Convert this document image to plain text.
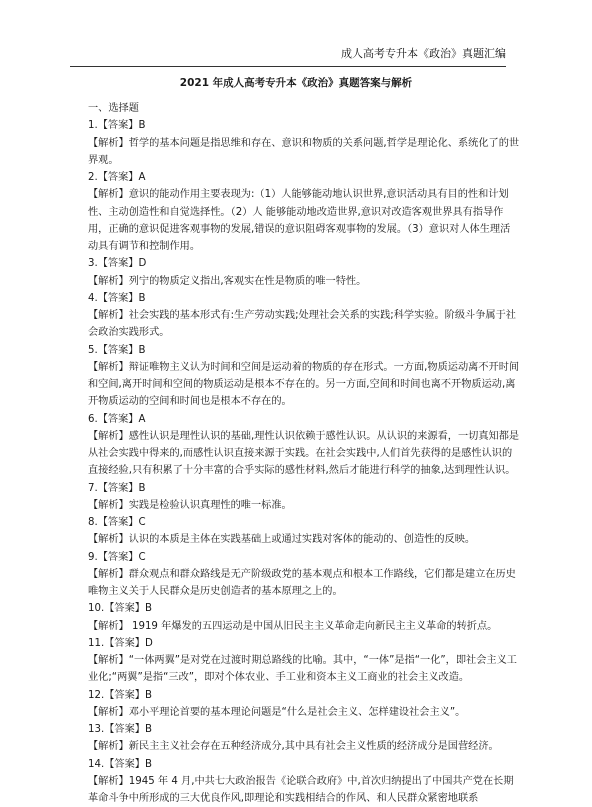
成人高考专升本《政治》真题汇编
2021 年成人高考专升本《政治》真题答案与解析

一、选择题

1.【答案】B

【解析】哲学的基本问题是指思维和存在、意识和物质的关系问题,哲学是理论化、系统化了的世界观。

2.【答案】A

【解析】意识的能动作用主要表现为:（1）人能够能动地认识世界,意识活动具有目的性和计划性、主动创造性和自觉选择性。（2）人 能够能动地改造世界,意识对改造客观世界具有指导作用，正确的意识促进客观事物的发展,错误的意识阻碍客观事物的发展。（3）意识对人体生理活动具有调节和控制作用。

3.【答案】D

【解析】列宁的物质定义指出,客观实在性是物质的唯一特性。

4.【答案】B

【解析】社会实践的基本形式有:生产劳动实践;处理社会关系的实践;科学实验。阶级斗争属于社会政治实践形式。

5.【答案】B

【解析】辩证唯物主义认为时间和空间是运动着的物质的存在形式。一方面,物质运动离不开时间和空间,离开时间和空间的物质运动是根本不存在的。另一方面,空间和时间也离不开物质运动,离开物质运动的空间和时间也是根本不存在的。

6.【答案】A

【解析】感性认识是理性认识的基础,理性认识依赖于感性认识。从认识的来源看，一切真知都是从社会实践中得来的,而感性认识直接来源于实践。在社会实践中,人们首先获得的是感性认识的直接经验,只有积累了十分丰富的合乎实际的感性材料,然后才能进行科学的抽象,达到理性认识。

7.【答案】B

【解析】实践是检验认识真理性的唯一标准。

8.【答案】C

【解析】认识的本质是主体在实践基础上或通过实践对客体的能动的、创造性的反映。

9.【答案】C

【解析】群众观点和群众路线是无产阶级政党的基本观点和根本工作路线，它们都是建立在历史唯物主义关于人民群众是历史创造者的基本原理之上的。

10.【答案】B

【解析】 1919 年爆发的五四运动是中国从旧民主主义革命走向新民主主义革命的转折点。

11.【答案】D

【解析】“一体两翼”是对党在过渡时期总路线的比喻。其中，“一体”是指“一化”，即社会主义工业化;“两翼”是指“三改”，即对个体农业、手工业和资本主义工商业的社会主义改造。

12.【答案】B

【解析】邓小平理论首要的基本理论问题是“什么是社会主义、怎样建设社会主义”。

13.【答案】B

【解析】新民主主义社会存在五种经济成分,其中具有社会主义性质的经济成分是国营经济。

14.【答案】B

【解析】1945 年 4 月,中共七大政治报告《论联合政府》中,首次归纳提出了中国共产党在长期革命斗争中所形成的三大优良作风,即理论和实践相结合的作风、和人民群众紧密地联系
